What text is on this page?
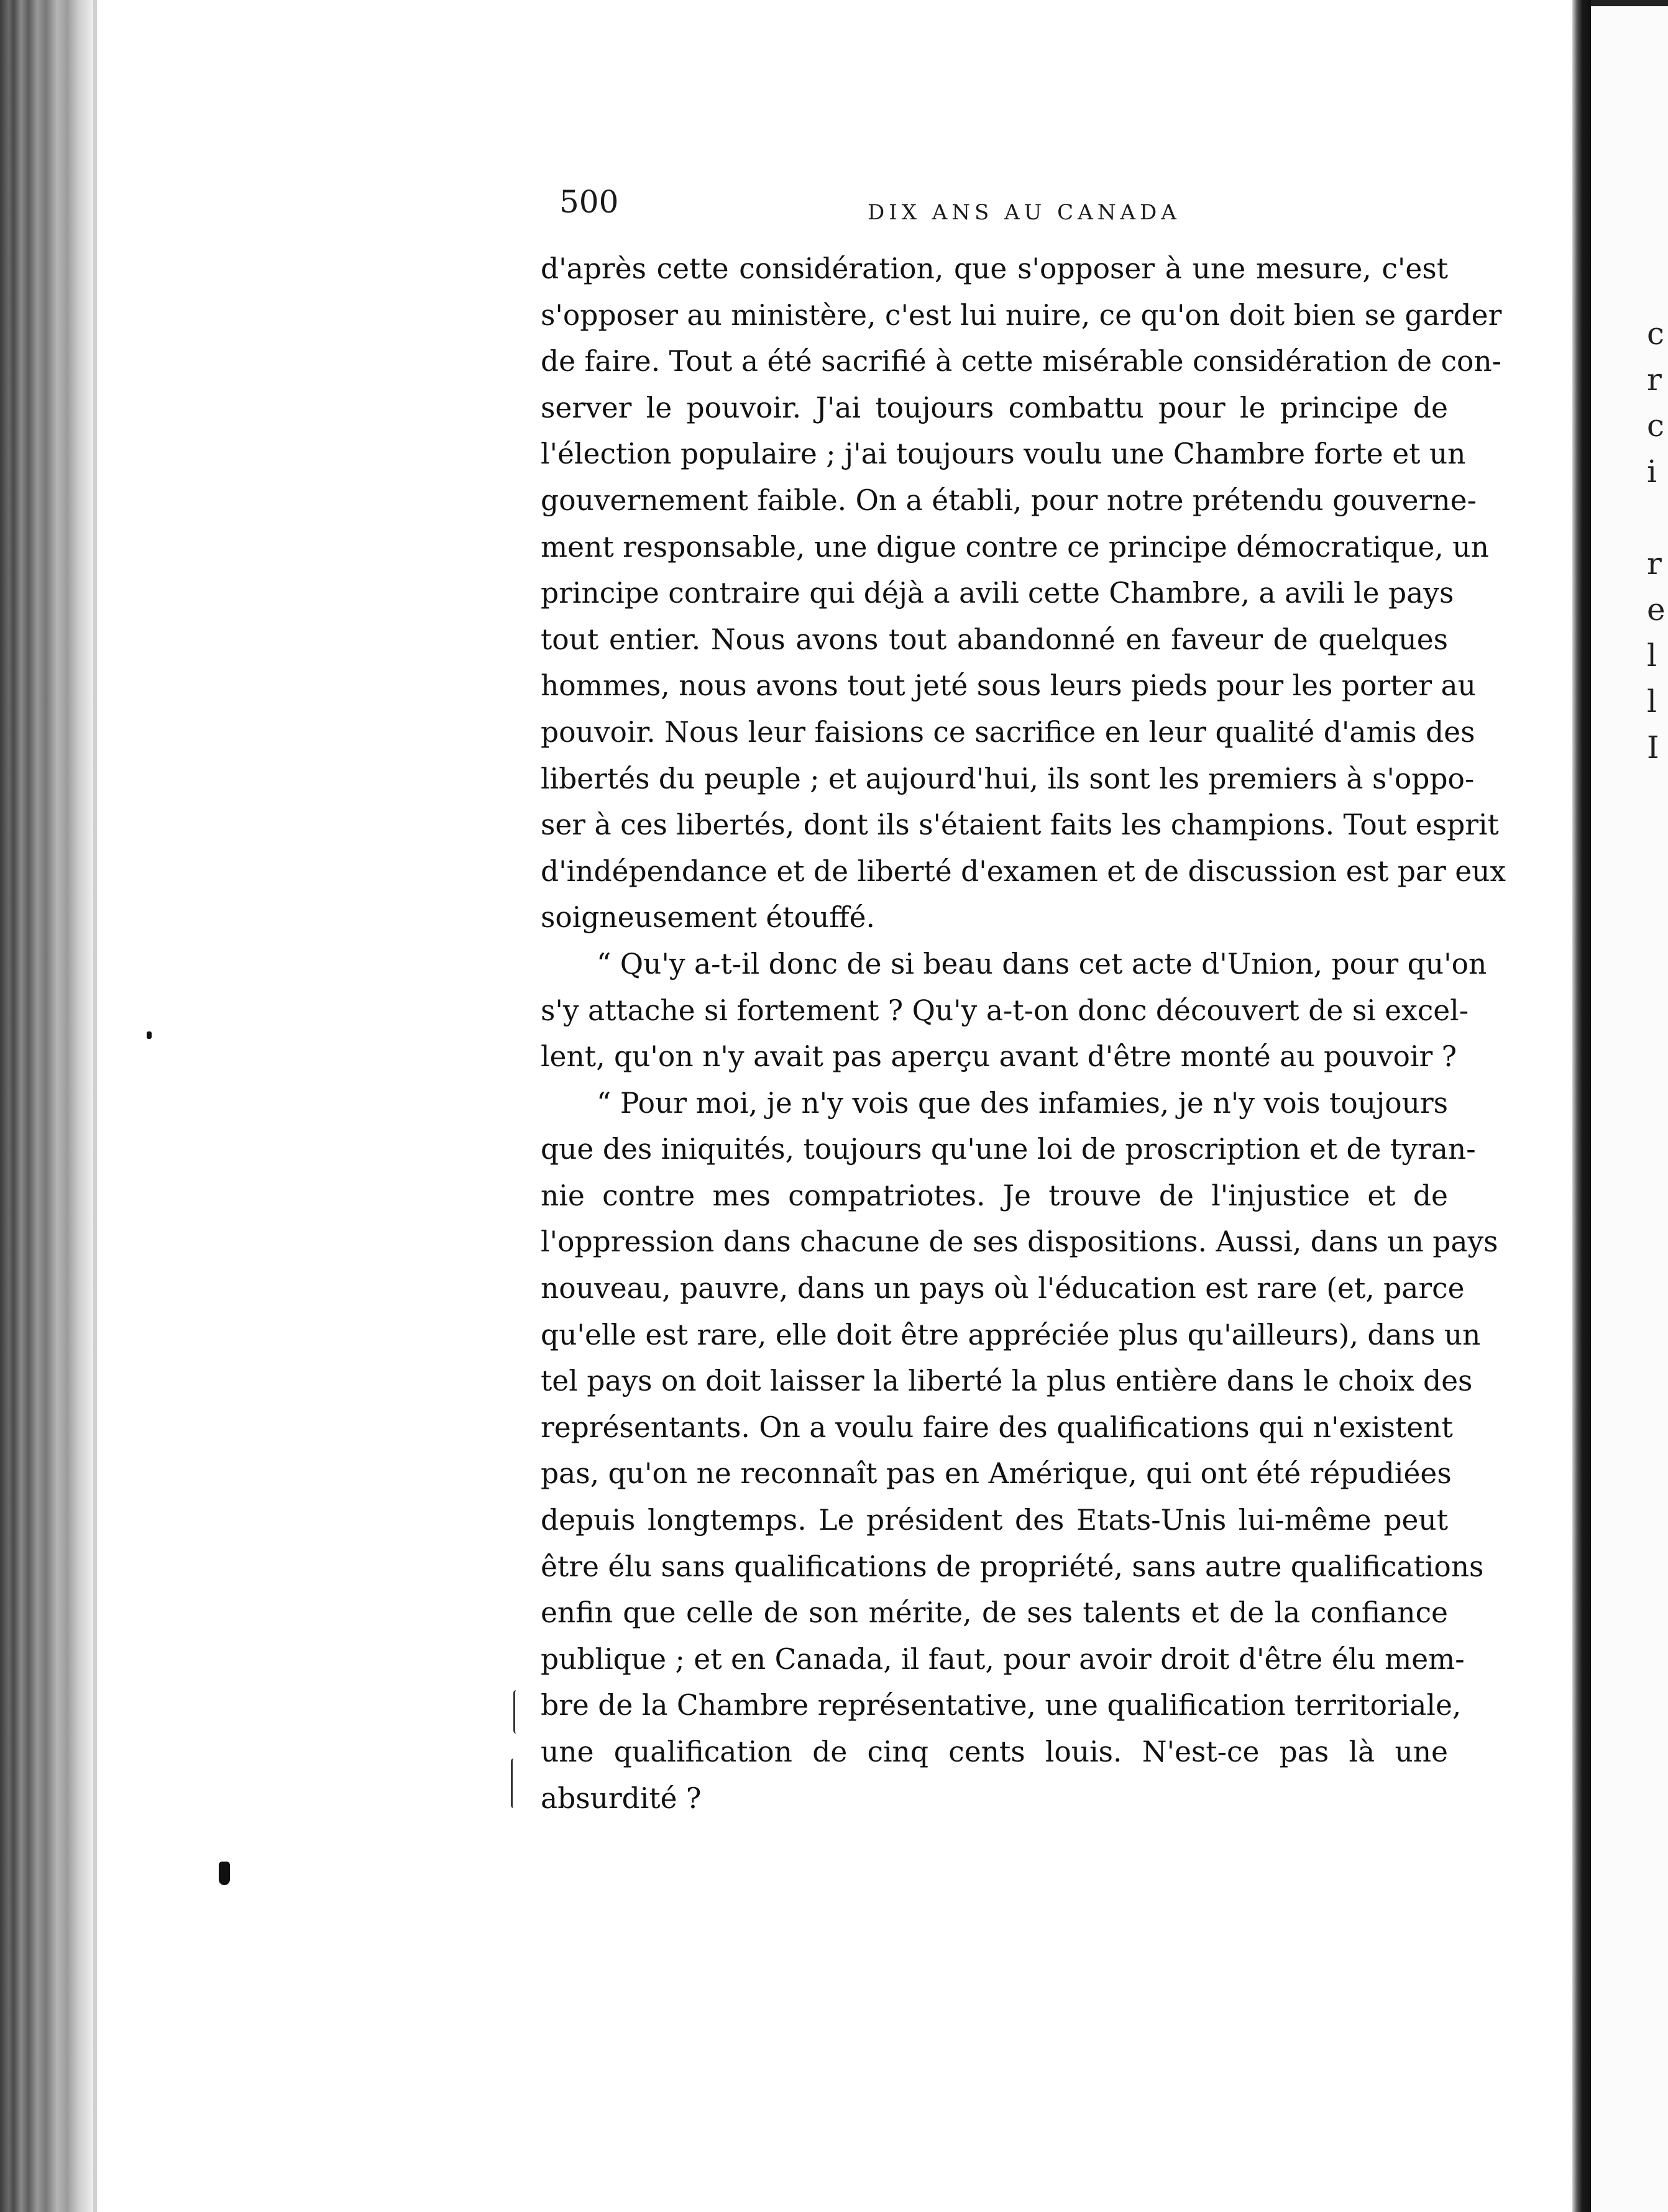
c
r
c
i

r
e
l
l
I
500	DIX ANS AU CANADA
d'après cette considération, que s'opposer à une mesure, c'est
s'opposer au ministère, c'est lui nuire, ce qu'on doit bien se garder
de faire. Tout a été sacrifié à cette misérable considération de con-
server le pouvoir. J'ai toujours combattu pour le principe de
l'élection populaire ; j'ai toujours voulu une Chambre forte et un
gouvernement faible. On a établi, pour notre prétendu gouverne-
ment responsable, une digue contre ce principe démocratique, un
principe contraire qui déjà a avili cette Chambre, a avili le pays
tout entier. Nous avons tout abandonné en faveur de quelques
hommes, nous avons tout jeté sous leurs pieds pour les porter au
pouvoir. Nous leur faisions ce sacrifice en leur qualité d'amis des
libertés du peuple ; et aujourd'hui, ils sont les premiers à s'oppo-
ser à ces libertés, dont ils s'étaient faits les champions. Tout esprit
d'indépendance et de liberté d'examen et de discussion est par eux
soigneusement étouffé.
“ Qu'y a-t-il donc de si beau dans cet acte d'Union, pour qu'on
s'y attache si fortement ? Qu'y a-t-on donc découvert de si excel-
lent, qu'on n'y avait pas aperçu avant d'être monté au pouvoir ?
“ Pour moi, je n'y vois que des infamies, je n'y vois toujours
que des iniquités, toujours qu'une loi de proscription et de tyran-
nie contre mes compatriotes. Je trouve de l'injustice et de
l'oppression dans chacune de ses dispositions. Aussi, dans un pays
nouveau, pauvre, dans un pays où l'éducation est rare (et, parce
qu'elle est rare, elle doit être appréciée plus qu'ailleurs), dans un
tel pays on doit laisser la liberté la plus entière dans le choix des
représentants. On a voulu faire des qualifications qui n'existent
pas, qu'on ne reconnaît pas en Amérique, qui ont été répudiées
depuis longtemps. Le président des Etats-Unis lui-même peut
être élu sans qualifications de propriété, sans autre qualifications
enfin que celle de son mérite, de ses talents et de la confiance
publique ; et en Canada, il faut, pour avoir droit d'être élu mem-
bre de la Chambre représentative, une qualification territoriale,
une qualification de cinq cents louis. N'est-ce pas là une
absurdité ?
